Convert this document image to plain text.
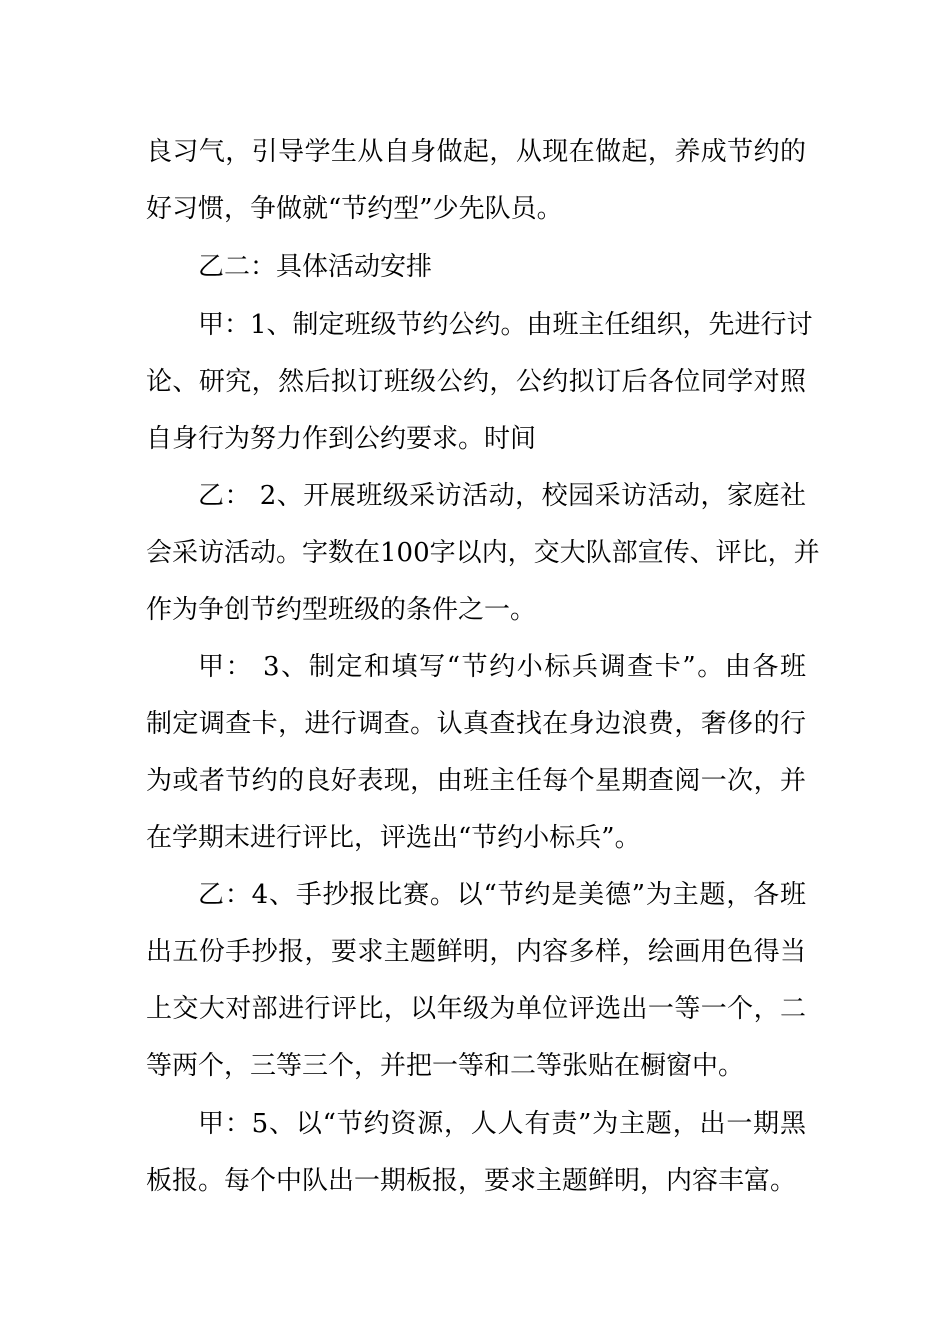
良习气，引导学生从自身做起，从现在做起，养成节约的
好习惯，争做就“节约型”少先队员。
乙二：具体活动安排
甲：1、制定班级节约公约。由班主任组织，先进行讨
论、研究，然后拟订班级公约，公约拟订后各位同学对照
自身行为努力作到公约要求。时间
乙： 2、开展班级采访活动，校园采访活动，家庭社
会采访活动。字数在100字以内，交大队部宣传、评比，并
作为争创节约型班级的条件之一。
甲： 3、制定和填写“节约小标兵调查卡”。由各班
制定调查卡，进行调查。认真查找在身边浪费，奢侈的行
为或者节约的良好表现，由班主任每个星期查阅一次，并
在学期末进行评比，评选出“节约小标兵”。
乙：4、手抄报比赛。以“节约是美德”为主题，各班
出五份手抄报，要求主题鲜明，内容多样，绘画用色得当
上交大对部进行评比，以年级为单位评选出一等一个，二
等两个，三等三个，并把一等和二等张贴在橱窗中。
甲：5、以“节约资源，人人有责”为主题，出一期黑
板报。每个中队出一期板报，要求主题鲜明，内容丰富。
